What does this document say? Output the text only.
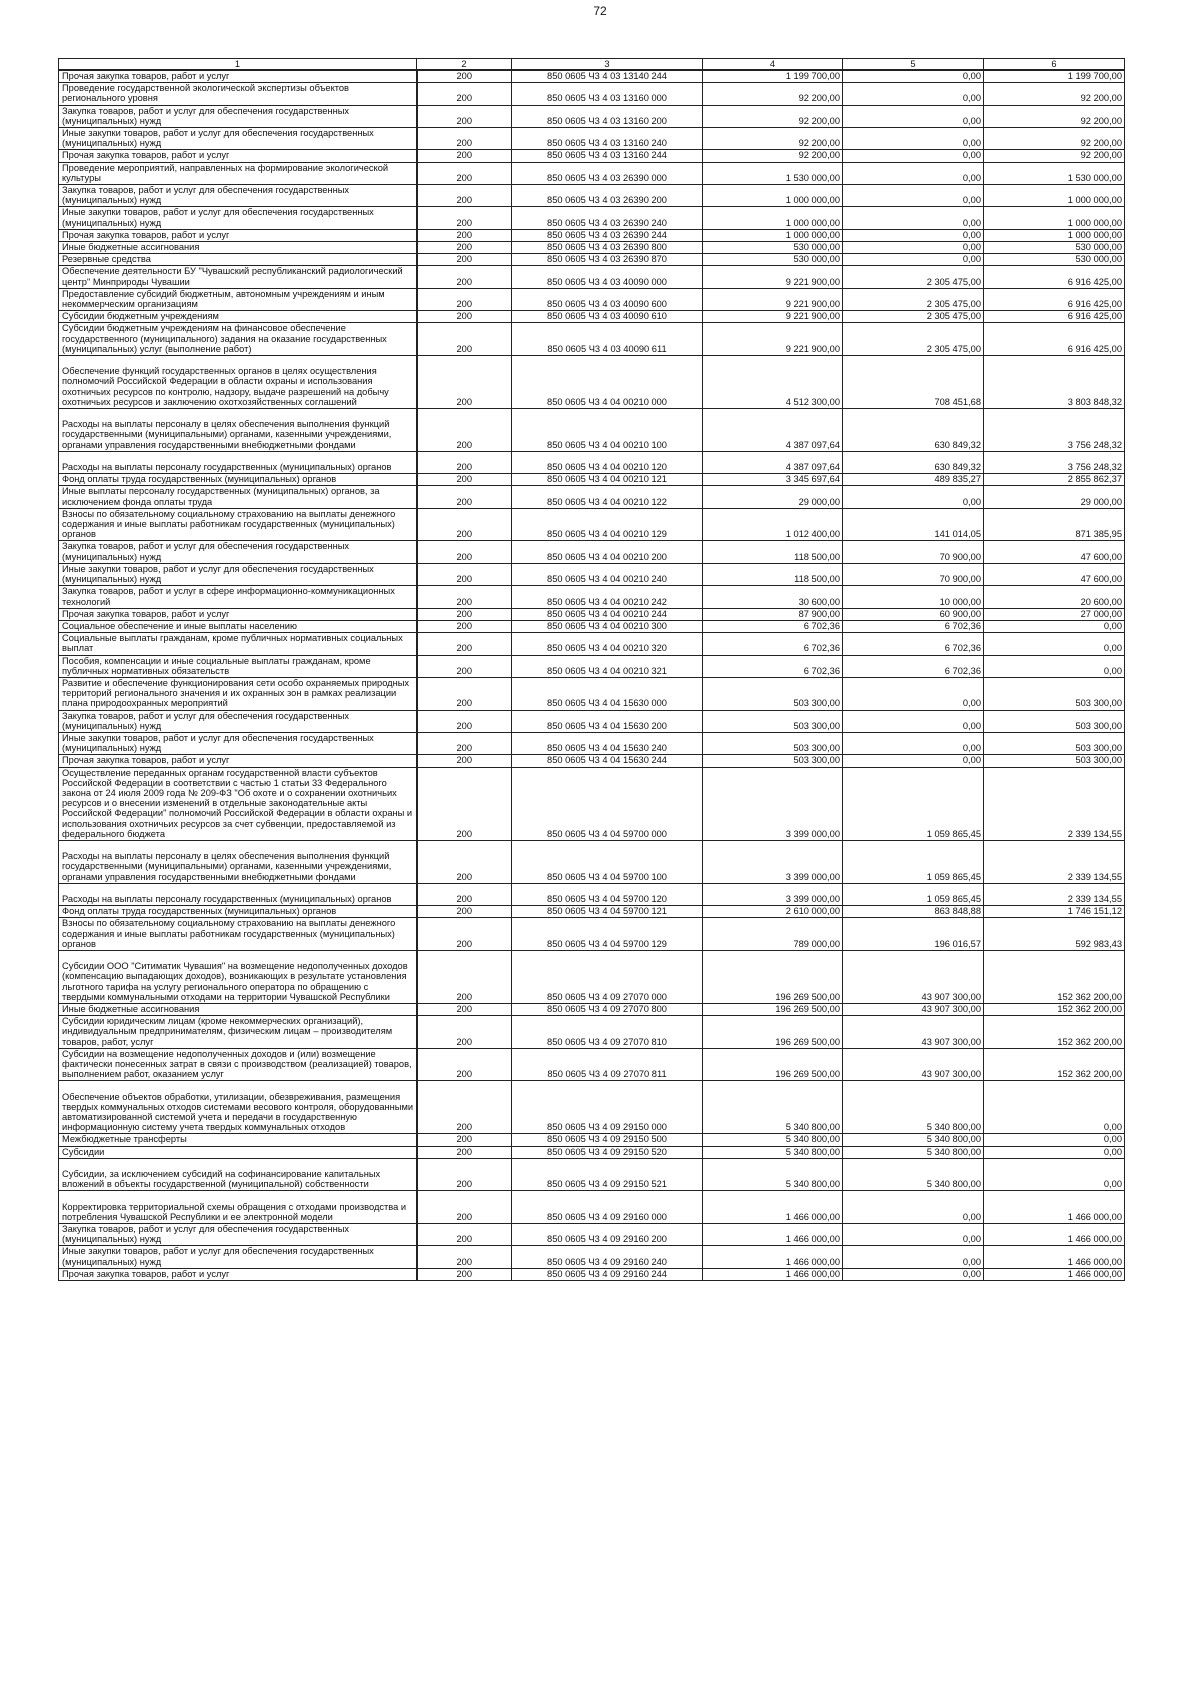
72
1	2	3	4	5	6
Прочая закупка товаров, работ и услуг	200	850 0605 Ч3 4 03 13140 244	1 199 700,00	0,00	1 199 700,00
Проведение государственной экологической экспертизы объектов регионального уровня	200	850 0605 Ч3 4 03 13160 000	92 200,00	0,00	92 200,00
Закупка товаров, работ и услуг для обеспечения государственных (муниципальных) нужд	200	850 0605 Ч3 4 03 13160 200	92 200,00	0,00	92 200,00
Иные закупки товаров, работ и услуг для обеспечения государственных (муниципальных) нужд	200	850 0605 Ч3 4 03 13160 240	92 200,00	0,00	92 200,00
Прочая закупка товаров, работ и услуг	200	850 0605 Ч3 4 03 13160 244	92 200,00	0,00	92 200,00
Проведение мероприятий, направленных на формирование экологической культуры	200	850 0605 Ч3 4 03 26390 000	1 530 000,00	0,00	1 530 000,00
Закупка товаров, работ и услуг для обеспечения государственных (муниципальных) нужд	200	850 0605 Ч3 4 03 26390 200	1 000 000,00	0,00	1 000 000,00
Иные закупки товаров, работ и услуг для обеспечения государственных (муниципальных) нужд	200	850 0605 Ч3 4 03 26390 240	1 000 000,00	0,00	1 000 000,00
Прочая закупка товаров, работ и услуг	200	850 0605 Ч3 4 03 26390 244	1 000 000,00	0,00	1 000 000,00
Иные бюджетные ассигнования	200	850 0605 Ч3 4 03 26390 800	530 000,00	0,00	530 000,00
Резервные средства	200	850 0605 Ч3 4 03 26390 870	530 000,00	0,00	530 000,00
Обеспечение деятельности БУ "Чувашский республиканский радиологический центр" Минприроды Чувашии	200	850 0605 Ч3 4 03 40090 000	9 221 900,00	2 305 475,00	6 916 425,00
Предоставление субсидий бюджетным, автономным учреждениям и иным некоммерческим организациям	200	850 0605 Ч3 4 03 40090 600	9 221 900,00	2 305 475,00	6 916 425,00
Субсидии бюджетным учреждениям	200	850 0605 Ч3 4 03 40090 610	9 221 900,00	2 305 475,00	6 916 425,00
Субсидии бюджетным учреждениям на финансовое обеспечение государственного (муниципального) задания на оказание государственных (муниципальных) услуг (выполнение работ)	200	850 0605 Ч3 4 03 40090 611	9 221 900,00	2 305 475,00	6 916 425,00
Обеспечение функций государственных органов в целях осуществления полномочий Российской Федерации в области охраны и использования охотничьих ресурсов по контролю, надзору, выдаче разрешений на добычу охотничьих ресурсов и заключению охотхозяйственных соглашений	200	850 0605 Ч3 4 04 00210 000	4 512 300,00	708 451,68	3 803 848,32
Расходы на выплаты персоналу в целях обеспечения выполнения функций государственными (муниципальными) органами, казенными учреждениями, органами управления государственными внебюджетными фондами	200	850 0605 Ч3 4 04 00210 100	4 387 097,64	630 849,32	3 756 248,32
Расходы на выплаты персоналу государственных (муниципальных) органов	200	850 0605 Ч3 4 04 00210 120	4 387 097,64	630 849,32	3 756 248,32
Фонд оплаты труда государственных (муниципальных) органов	200	850 0605 Ч3 4 04 00210 121	3 345 697,64	489 835,27	2 855 862,37
Иные выплаты персоналу государственных (муниципальных) органов, за исключением фонда оплаты труда	200	850 0605 Ч3 4 04 00210 122	29 000,00	0,00	29 000,00
Взносы по обязательному социальному страхованию на выплаты денежного содержания и иные выплаты работникам государственных (муниципальных) органов	200	850 0605 Ч3 4 04 00210 129	1 012 400,00	141 014,05	871 385,95
Закупка товаров, работ и услуг для обеспечения государственных (муниципальных) нужд	200	850 0605 Ч3 4 04 00210 200	118 500,00	70 900,00	47 600,00
Иные закупки товаров, работ и услуг для обеспечения государственных (муниципальных) нужд	200	850 0605 Ч3 4 04 00210 240	118 500,00	70 900,00	47 600,00
Закупка товаров, работ и услуг в сфере информационно-коммуникационных технологий	200	850 0605 Ч3 4 04 00210 242	30 600,00	10 000,00	20 600,00
Прочая закупка товаров, работ и услуг	200	850 0605 Ч3 4 04 00210 244	87 900,00	60 900,00	27 000,00
Социальное обеспечение и иные выплаты населению	200	850 0605 Ч3 4 04 00210 300	6 702,36	6 702,36	0,00
Социальные выплаты гражданам, кроме публичных нормативных социальных выплат	200	850 0605 Ч3 4 04 00210 320	6 702,36	6 702,36	0,00
Пособия, компенсации и иные социальные выплаты гражданам, кроме публичных нормативных обязательств	200	850 0605 Ч3 4 04 00210 321	6 702,36	6 702,36	0,00
Развитие и обеспечение функционирования сети особо охраняемых природных территорий регионального значения и их охранных зон в рамках реализации плана природоохранных мероприятий	200	850 0605 Ч3 4 04 15630 000	503 300,00	0,00	503 300,00
Закупка товаров, работ и услуг для обеспечения государственных (муниципальных) нужд	200	850 0605 Ч3 4 04 15630 200	503 300,00	0,00	503 300,00
Иные закупки товаров, работ и услуг для обеспечения государственных (муниципальных) нужд	200	850 0605 Ч3 4 04 15630 240	503 300,00	0,00	503 300,00
Прочая закупка товаров, работ и услуг	200	850 0605 Ч3 4 04 15630 244	503 300,00	0,00	503 300,00
Осуществление переданных органам государственной власти субъектов Российской Федерации в соответствии с частью 1 статьи 33 Федерального закона от 24 июля 2009 года № 209-ФЗ "Об охоте и о сохранении охотничьих ресурсов и о внесении изменений в отдельные законодательные акты Российской Федерации" полномочий Российской Федерации в области охраны и использования охотничьих ресурсов за счет субвенции, предоставляемой из федерального бюджета	200	850 0605 Ч3 4 04 59700 000	3 399 000,00	1 059 865,45	2 339 134,55
Расходы на выплаты персоналу в целях обеспечения выполнения функций государственными (муниципальными) органами, казенными учреждениями, органами управления государственными внебюджетными фондами	200	850 0605 Ч3 4 04 59700 100	3 399 000,00	1 059 865,45	2 339 134,55
Расходы на выплаты персоналу государственных (муниципальных) органов	200	850 0605 Ч3 4 04 59700 120	3 399 000,00	1 059 865,45	2 339 134,55
Фонд оплаты труда государственных (муниципальных) органов	200	850 0605 Ч3 4 04 59700 121	2 610 000,00	863 848,88	1 746 151,12
Взносы по обязательному социальному страхованию на выплаты денежного содержания и иные выплаты работникам государственных (муниципальных) органов	200	850 0605 Ч3 4 04 59700 129	789 000,00	196 016,57	592 983,43
Субсидии ООО "Ситиматик Чувашия" на возмещение недополученных доходов (компенсацию выпадающих доходов), возникающих в результате установления льготного тарифа на услугу регионального оператора по обращению с твердыми коммунальными отходами на территории Чувашской Республики	200	850 0605 Ч3 4 09 27070 000	196 269 500,00	43 907 300,00	152 362 200,00
Иные бюджетные ассигнования	200	850 0605 Ч3 4 09 27070 800	196 269 500,00	43 907 300,00	152 362 200,00
Субсидии юридическим лицам (кроме некоммерческих организаций), индивидуальным предпринимателям, физическим лицам – производителям товаров, работ, услуг	200	850 0605 Ч3 4 09 27070 810	196 269 500,00	43 907 300,00	152 362 200,00
Субсидии на возмещение недополученных доходов и (или) возмещение фактически понесенных затрат в связи с производством (реализацией) товаров, выполнением работ, оказанием услуг	200	850 0605 Ч3 4 09 27070 811	196 269 500,00	43 907 300,00	152 362 200,00
Обеспечение объектов обработки, утилизации, обезвреживания, размещения твердых коммунальных отходов системами весового контроля, оборудованными автоматизированной системой учета и передачи в государственную информационную систему учета твердых коммунальных отходов	200	850 0605 Ч3 4 09 29150 000	5 340 800,00	5 340 800,00	0,00
Межбюджетные трансферты	200	850 0605 Ч3 4 09 29150 500	5 340 800,00	5 340 800,00	0,00
Субсидии	200	850 0605 Ч3 4 09 29150 520	5 340 800,00	5 340 800,00	0,00
Субсидии, за исключением субсидий на софинансирование капитальных вложений в объекты государственной (муниципальной) собственности	200	850 0605 Ч3 4 09 29150 521	5 340 800,00	5 340 800,00	0,00
Корректировка территориальной схемы обращения с отходами производства и потребления Чувашской Республики и ее электронной модели	200	850 0605 Ч3 4 09 29160 000	1 466 000,00	0,00	1 466 000,00
Закупка товаров, работ и услуг для обеспечения государственных (муниципальных) нужд	200	850 0605 Ч3 4 09 29160 200	1 466 000,00	0,00	1 466 000,00
Иные закупки товаров, работ и услуг для обеспечения государственных (муниципальных) нужд	200	850 0605 Ч3 4 09 29160 240	1 466 000,00	0,00	1 466 000,00
Прочая закупка товаров, работ и услуг	200	850 0605 Ч3 4 09 29160 244	1 466 000,00	0,00	1 466 000,00
